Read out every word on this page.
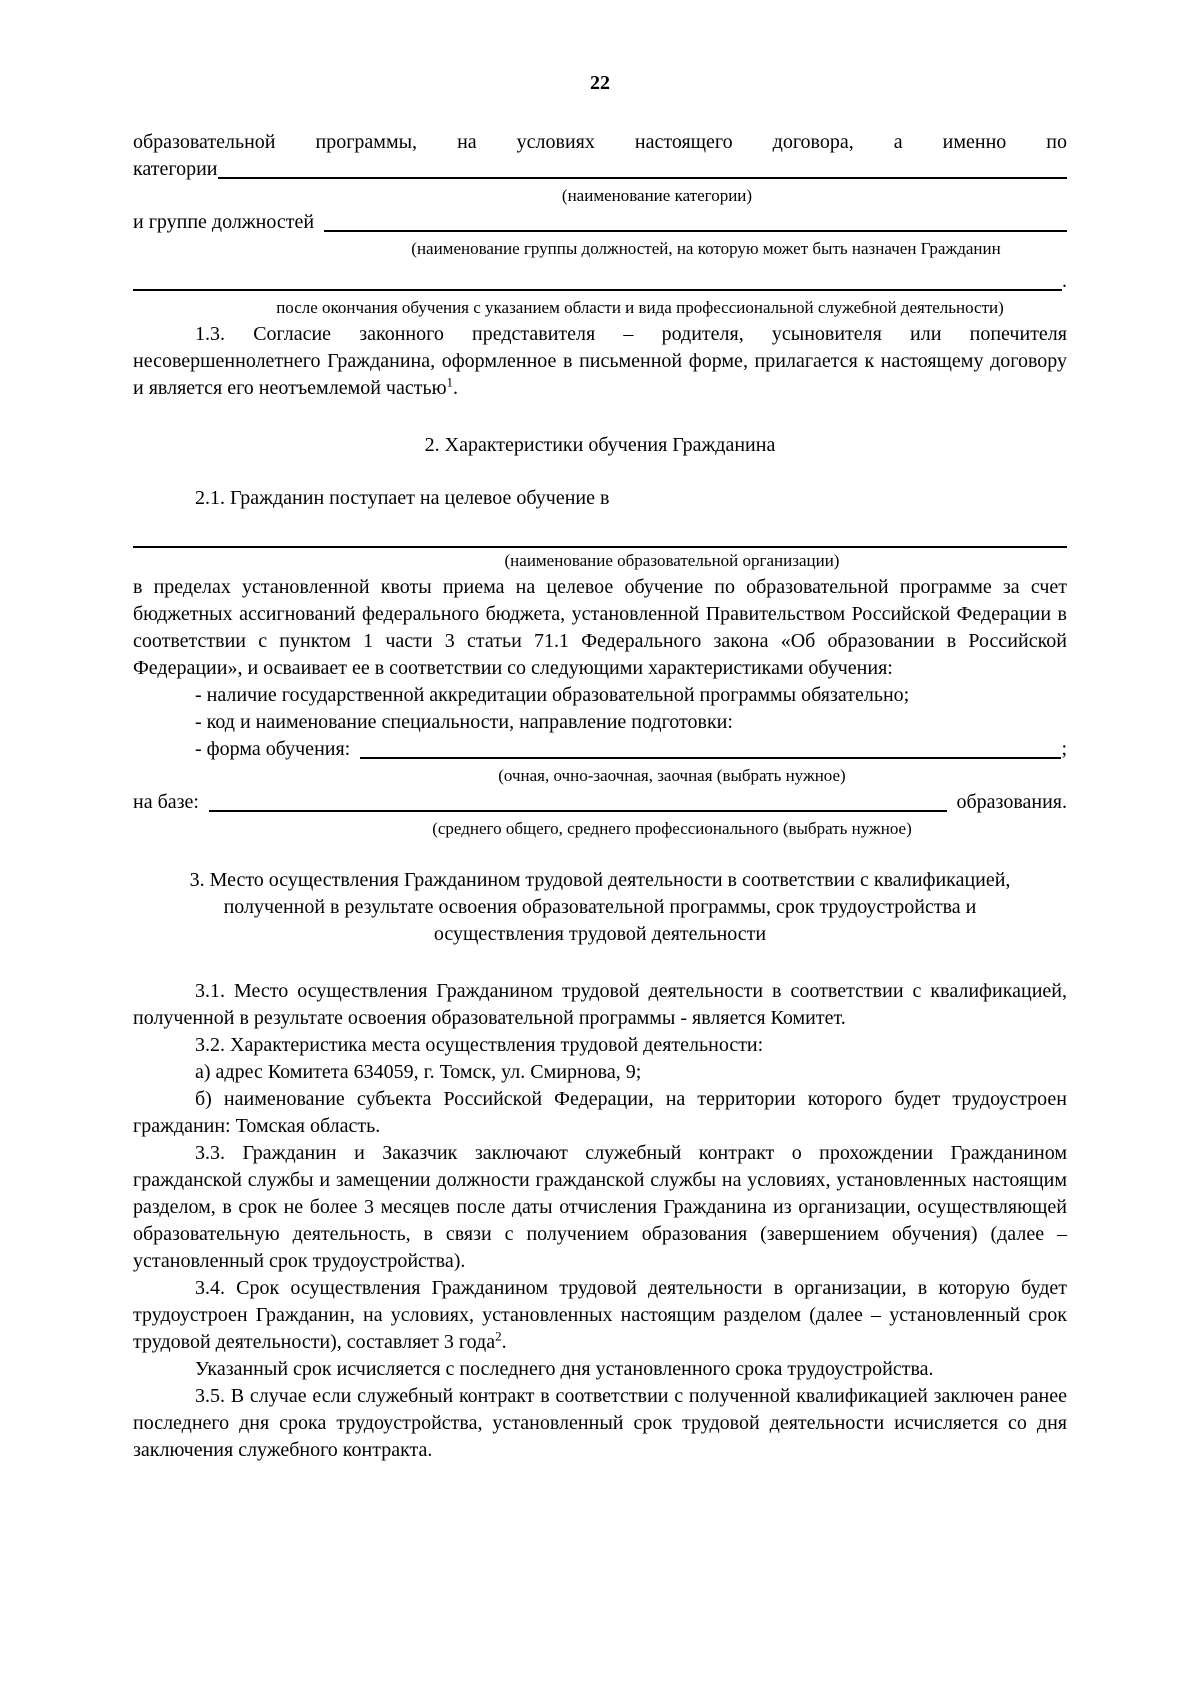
22
образовательной программы, на условиях настоящего договора, а именно по
категории
(наименование категории)
и группе должностей
(наименование группы должностей, на которую может быть назначен Гражданин
.
после окончания обучения с указанием области и вида профессиональной служебной деятельности)

1.3. Согласие законного представителя – родителя, усыновителя или попечителя несовершеннолетнего Гражданина, оформленное в письменной форме, прилагается к настоящему договору и является его неотъемлемой частью$^1$.

2. Характеристики обучения Гражданина

2.1. Гражданин поступает на целевое обучение в

(наименование образовательной организации)

в пределах установленной квоты приема на целевое обучение по образовательной программе за счет бюджетных ассигнований федерального бюджета, установленной Правительством Российской Федерации в соответствии с пунктом 1 части 3 статьи 71.1 Федерального закона «Об образовании в Российской Федерации», и осваивает ее в соответствии со следующими характеристиками обучения:

- наличие государственной аккредитации образовательной программы обязательно;
- код и наименование специальности, направление подготовки:
- форма обучения:	;
(очная, очно-заочная, заочная (выбрать нужное)
на базе:	образования.
(среднего общего, среднего профессионального (выбрать нужное)
3. Место осуществления Гражданином трудовой деятельности в соответствии с квалификацией, полученной в результате освоения образовательной программы, срок трудоустройства и осуществления трудовой деятельности

3.1. Место осуществления Гражданином трудовой деятельности в соответствии с квалификацией, полученной в результате освоения образовательной программы - является Комитет.

3.2. Характеристика места осуществления трудовой деятельности:

а) адрес Комитета 634059, г. Томск, ул. Смирнова, 9;

б) наименование субъекта Российской Федерации, на территории которого будет трудоустроен гражданин: Томская область.

3.3. Гражданин и Заказчик заключают служебный контракт о прохождении Гражданином гражданской службы и замещении должности гражданской службы на условиях, установленных настоящим разделом, в срок не более 3 месяцев после даты отчисления Гражданина из организации, осуществляющей образовательную деятельность, в связи с получением образования (завершением обучения) (далее – установленный срок трудоустройства).

3.4. Срок осуществления Гражданином трудовой деятельности в организации, в которую будет трудоустроен Гражданин, на условиях, установленных настоящим разделом (далее – установленный срок трудовой деятельности), составляет 3 года$^2$.

Указанный срок исчисляется с последнего дня установленного срока трудоустройства.

3.5. В случае если служебный контракт в соответствии с полученной квалификацией заключен ранее последнего дня срока трудоустройства, установленный срок трудовой деятельности исчисляется со дня заключения служебного контракта.
